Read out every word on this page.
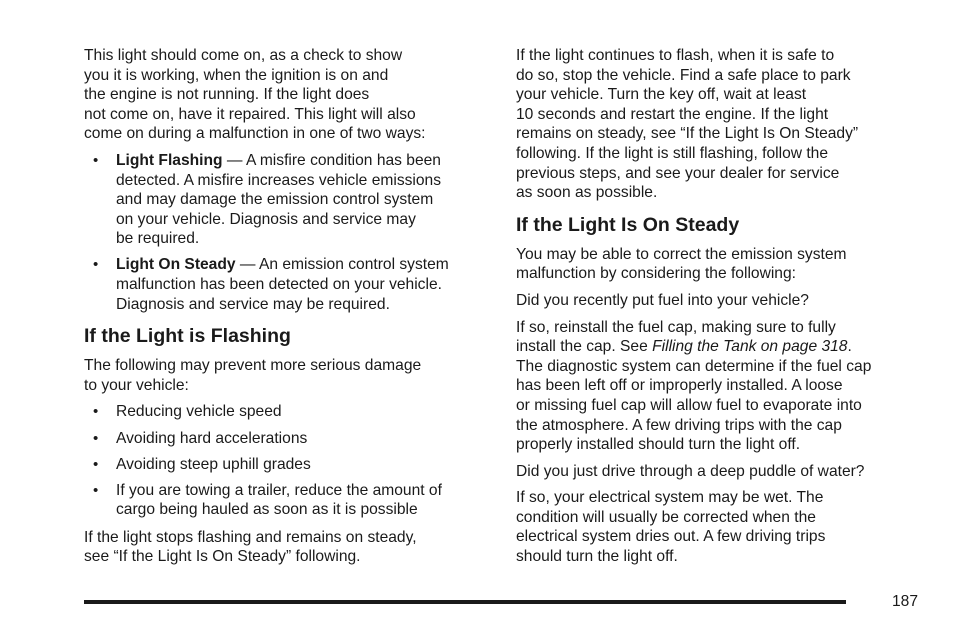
This light should come on, as a check to show
you it is working, when the ignition is on and
the engine is not running. If the light does
not come on, have it repaired. This light will also
come on during a malfunction in one of two ways:

• Light Flashing — A misfire condition has been
detected. A misfire increases vehicle emissions
and may damage the emission control system
on your vehicle. Diagnosis and service may
be required.
• Light On Steady — An emission control system
malfunction has been detected on your vehicle.
Diagnosis and service may be required.
If the Light is Flashing

The following may prevent more serious damage
to your vehicle:

• Reducing vehicle speed
• Avoiding hard accelerations
• Avoiding steep uphill grades
• If you are towing a trailer, reduce the amount of
cargo being hauled as soon as it is possible

If the light stops flashing and remains on steady,
see “If the Light Is On Steady” following.

If the light continues to flash, when it is safe to
do so, stop the vehicle. Find a safe place to park
your vehicle. Turn the key off, wait at least
10 seconds and restart the engine. If the light
remains on steady, see “If the Light Is On Steady”
following. If the light is still flashing, follow the
previous steps, and see your dealer for service
as soon as possible.

If the Light Is On Steady

You may be able to correct the emission system
malfunction by considering the following:

Did you recently put fuel into your vehicle?

If so, reinstall the fuel cap, making sure to fully
install the cap. See Filling the Tank on page 318.
The diagnostic system can determine if the fuel cap
has been left off or improperly installed. A loose
or missing fuel cap will allow fuel to evaporate into
the atmosphere. A few driving trips with the cap
properly installed should turn the light off.

Did you just drive through a deep puddle of water?

If so, your electrical system may be wet. The
condition will usually be corrected when the
electrical system dries out. A few driving trips
should turn the light off.

187
